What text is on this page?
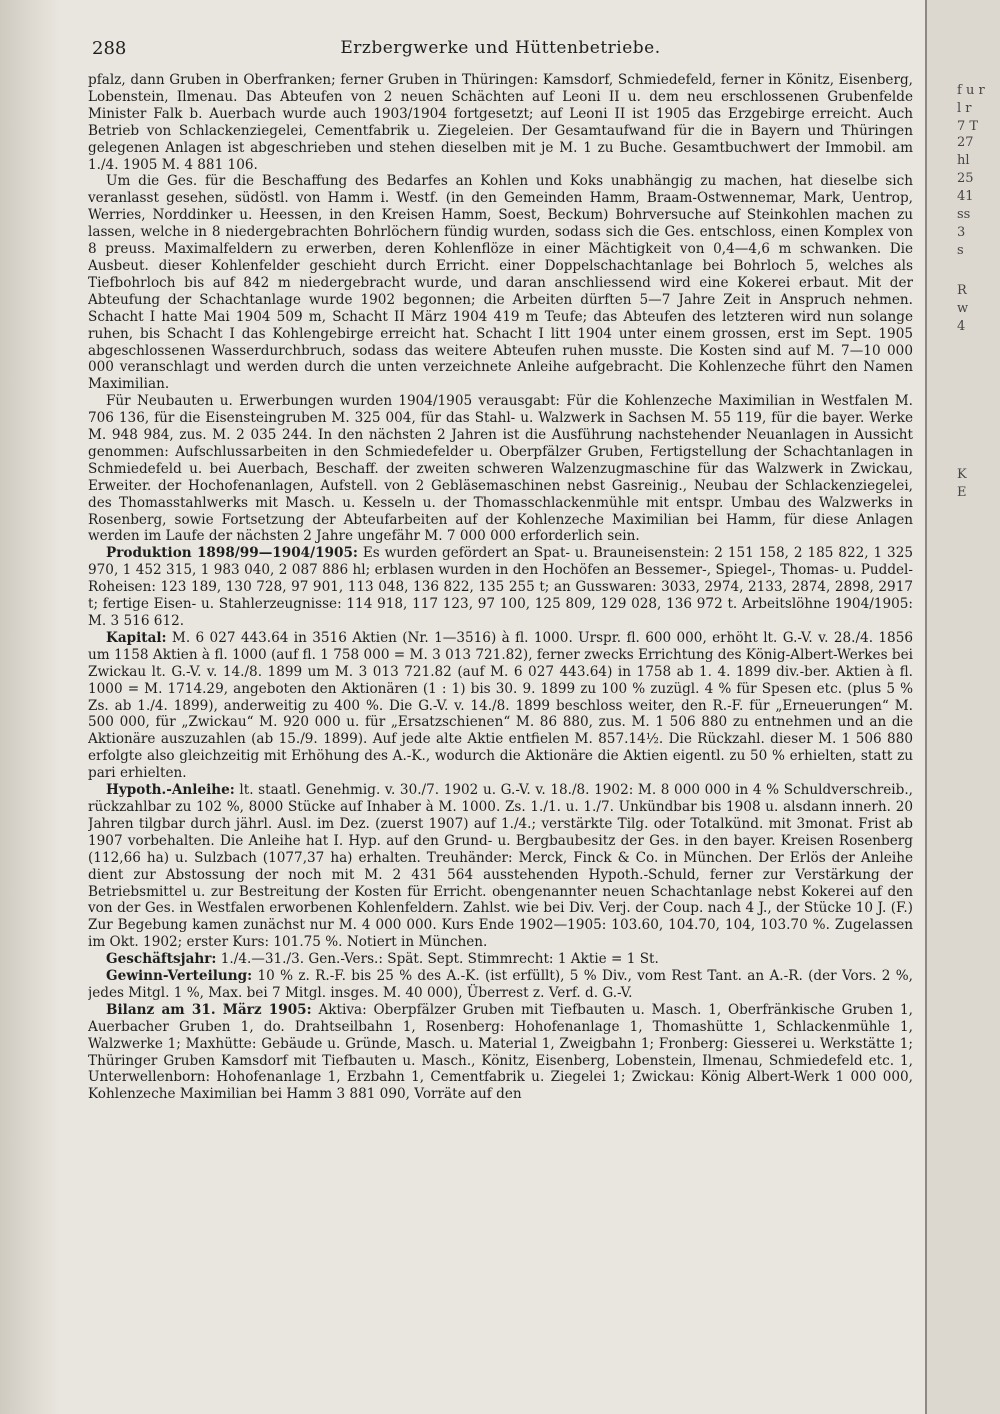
288	Erzbergwerke und Hüttenbetriebe.

pfalz, dann Gruben in Oberfranken; ferner Gruben in Thüringen: Kamsdorf, Schmiedefeld, ferner in Könitz, Eisenberg, Lobenstein, Ilmenau. Das Abteufen von 2 neuen Schächten auf Leoni II u. dem neu erschlossenen Grubenfelde Minister Falk b. Auerbach wurde auch 1903/1904 fortgesetzt; auf Leoni II ist 1905 das Erzgebirge erreicht. Auch Betrieb von Schlackenziegelei, Cementfabrik u. Ziegeleien. Der Gesamtaufwand für die in Bayern und Thüringen gelegenen Anlagen ist abgeschrieben und stehen dieselben mit je M. 1 zu Buche. Gesamtbuchwert der Immobil. am 1./4. 1905 M. 4 881 106.

Um die Ges. für die Beschaffung des Bedarfes an Kohlen und Koks unabhängig zu machen, hat dieselbe sich veranlasst gesehen, südöstl. von Hamm i. Westf. (in den Gemeinden Hamm, Braam-Ostwennemar, Mark, Uentrop, Werries, Norddinker u. Heessen, in den Kreisen Hamm, Soest, Beckum) Bohrversuche auf Steinkohlen machen zu lassen, welche in 8 niedergebrachten Bohrlöchern fündig wurden, sodass sich die Ges. entschloss, einen Komplex von 8 preuss. Maximalfeldern zu erwerben, deren Kohlenflöze in einer Mächtigkeit von 0,4—4,6 m schwanken. Die Ausbeut. dieser Kohlenfelder geschieht durch Erricht. einer Doppelschachtanlage bei Bohrloch 5, welches als Tiefbohrloch bis auf 842 m niedergebracht wurde, und daran anschliessend wird eine Kokerei erbaut. Mit der Abteufung der Schachtanlage wurde 1902 begonnen; die Arbeiten dürften 5—7 Jahre Zeit in Anspruch nehmen. Schacht I hatte Mai 1904 509 m, Schacht II März 1904 419 m Teufe; das Abteufen des letzteren wird nun solange ruhen, bis Schacht I das Kohlengebirge erreicht hat. Schacht I litt 1904 unter einem grossen, erst im Sept. 1905 abgeschlossenen Wasserdurchbruch, sodass das weitere Abteufen ruhen musste. Die Kosten sind auf M. 7—10 000 000 veranschlagt und werden durch die unten verzeichnete Anleihe aufgebracht. Die Kohlenzeche führt den Namen Maximilian.

Für Neubauten u. Erwerbungen wurden 1904/1905 verausgabt: Für die Kohlenzeche Maximilian in Westfalen M. 706 136, für die Eisensteingruben M. 325 004, für das Stahl- u. Walzwerk in Sachsen M. 55 119, für die bayer. Werke M. 948 984, zus. M. 2 035 244. In den nächsten 2 Jahren ist die Ausführung nachstehender Neuanlagen in Aussicht genommen: Aufschlussarbeiten in den Schmiedefelder u. Oberpfälzer Gruben, Fertigstellung der Schachtanlagen in Schmiedefeld u. bei Auerbach, Beschaff. der zweiten schweren Walzenzugmaschine für das Walzwerk in Zwickau, Erweiter. der Hochofenanlagen, Aufstell. von 2 Gebläsemaschinen nebst Gasreinig., Neubau der Schlackenziegelei, des Thomasstahlwerks mit Masch. u. Kesseln u. der Thomasschlackenmühle mit entspr. Umbau des Walzwerks in Rosenberg, sowie Fortsetzung der Abteufarbeiten auf der Kohlenzeche Maximilian bei Hamm, für diese Anlagen werden im Laufe der nächsten 2 Jahre ungefähr M. 7 000 000 erforderlich sein.

Produktion 1898/99—1904/1905: Es wurden gefördert an Spat- u. Brauneisenstein: 2 151 158, 2 185 822, 1 325 970, 1 452 315, 1 983 040, 2 087 886 hl; erblasen wurden in den Hochöfen an Bessemer-, Spiegel-, Thomas- u. Puddel-Roheisen: 123 189, 130 728, 97 901, 113 048, 136 822, 135 255 t; an Gusswaren: 3033, 2974, 2133, 2874, 2898, 2917 t; fertige Eisen- u. Stahlerzeugnisse: 114 918, 117 123, 97 100, 125 809, 129 028, 136 972 t. Arbeitslöhne 1904/1905: M. 3 516 612.

Kapital: M. 6 027 443.64 in 3516 Aktien (Nr. 1—3516) à fl. 1000. Urspr. fl. 600 000, erhöht lt. G.-V. v. 28./4. 1856 um 1158 Aktien à fl. 1000 (auf fl. 1 758 000 = M. 3 013 721.82), ferner zwecks Errichtung des König-Albert-Werkes bei Zwickau lt. G.-V. v. 14./8. 1899 um M. 3 013 721.82 (auf M. 6 027 443.64) in 1758 ab 1. 4. 1899 div.-ber. Aktien à fl. 1000 = M. 1714.29, angeboten den Aktionären (1 : 1) bis 30. 9. 1899 zu 100 % zuzügl. 4 % für Spesen etc. (plus 5 % Zs. ab 1./4. 1899), anderweitig zu 400 %. Die G.-V. v. 14./8. 1899 beschloss weiter, den R.-F. für „Erneuerungen“ M. 500 000, für „Zwickau“ M. 920 000 u. für „Ersatzschienen“ M. 86 880, zus. M. 1 506 880 zu entnehmen und an die Aktionäre auszuzahlen (ab 15./9. 1899). Auf jede alte Aktie entfielen M. 857.14½. Die Rückzahl. dieser M. 1 506 880 erfolgte also gleichzeitig mit Erhöhung des A.-K., wodurch die Aktionäre die Aktien eigentl. zu 50 % erhielten, statt zu pari erhielten.

Hypoth.-Anleihe: lt. staatl. Genehmig. v. 30./7. 1902 u. G.-V. v. 18./8. 1902: M. 8 000 000 in 4 % Schuldverschreib., rückzahlbar zu 102 %, 8000 Stücke auf Inhaber à M. 1000. Zs. 1./1. u. 1./7. Unkündbar bis 1908 u. alsdann innerh. 20 Jahren tilgbar durch jährl. Ausl. im Dez. (zuerst 1907) auf 1./4.; verstärkte Tilg. oder Totalkünd. mit 3monat. Frist ab 1907 vorbehalten. Die Anleihe hat I. Hyp. auf den Grund- u. Bergbaubesitz der Ges. in den bayer. Kreisen Rosenberg (112,66 ha) u. Sulzbach (1077,37 ha) erhalten. Treuhänder: Merck, Finck & Co. in München. Der Erlös der Anleihe dient zur Abstossung der noch mit M. 2 431 564 ausstehenden Hypoth.-Schuld, ferner zur Verstärkung der Betriebsmittel u. zur Bestreitung der Kosten für Erricht. obengenannter neuen Schachtanlage nebst Kokerei auf den von der Ges. in Westfalen erworbenen Kohlenfeldern. Zahlst. wie bei Div. Verj. der Coup. nach 4 J., der Stücke 10 J. (F.) Zur Begebung kamen zunächst nur M. 4 000 000. Kurs Ende 1902—1905: 103.60, 104.70, 104, 103.70 %. Zugelassen im Okt. 1902; erster Kurs: 101.75 %. Notiert in München.

Geschäftsjahr: 1./4.—31./3. Gen.-Vers.: Spät. Sept. Stimmrecht: 1 Aktie = 1 St.

Gewinn-Verteilung: 10 % z. R.-F. bis 25 % des A.-K. (ist erfüllt), 5 % Div., vom Rest Tant. an A.-R. (der Vors. 2 %, jedes Mitgl. 1 %, Max. bei 7 Mitgl. insges. M. 40 000), Überrest z. Verf. d. G.-V.

Bilanz am 31. März 1905: Aktiva: Oberpfälzer Gruben mit Tiefbauten u. Masch. 1, Oberfränkische Gruben 1, Auerbacher Gruben 1, do. Drahtseilbahn 1, Rosenberg: Hohofenanlage 1, Thomashütte 1, Schlackenmühle 1, Walzwerke 1; Maxhütte: Gebäude u. Gründe, Masch. u. Material 1, Zweigbahn 1; Fronberg: Giesserei u. Werkstätte 1; Thüringer Gruben Kamsdorf mit Tiefbauten u. Masch., Könitz, Eisenberg, Lobenstein, Ilmenau, Schmiedefeld etc. 1, Unterwellenborn: Hohofenanlage 1, Erzbahn 1, Cementfabrik u. Ziegelei 1; Zwickau: König Albert-Werk 1 000 000, Kohlenzeche Maximilian bei Hamm 3 881 090, Vorräte auf den

f u r
l r
7 T
27
hl
25
41
ss
3
s
R
w
4
K
E
